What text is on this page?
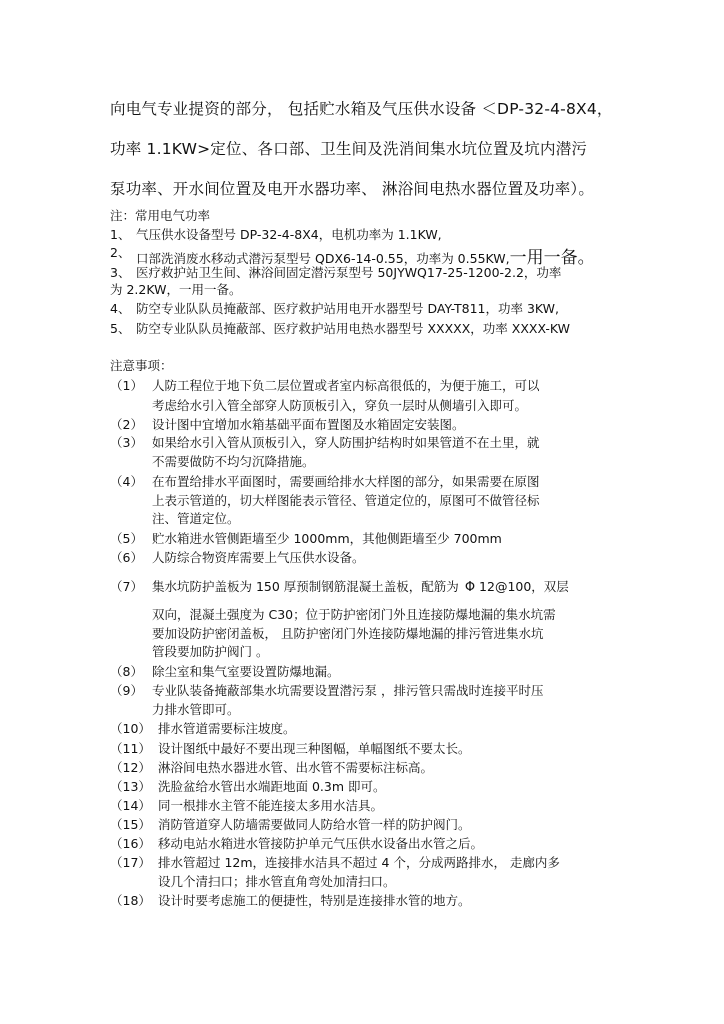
向电气专业提资的部分， 包括贮水箱及气压供水设备 ＜DP-32-4-8X4，
功率 1.1KW>定位、各口部、卫生间及洗消间集水坑位置及坑内潜污
泵功率、开水间位置及电开水器功率、 淋浴间电热水器位置及功率）。
注：常用电气功率
1、 气压供水设备型号 DP-32-4-8X4，电机功率为 1.1KW,
2、 口部洗消废水移动式潜污泵型号 QDX6-14-0.55，功率为 0.55KW,一用一备。
3、 医疗救护站卫生间、淋浴间固定潜污泵型号 50JYWQ17-25-1200-2.2，功率
为 2.2KW，一用一备。
4、 防空专业队队员掩蔽部、医疗救护站用电开水器型号 DAY-T811，功率 3KW,
5、 防空专业队队员掩蔽部、医疗救护站用电热水器型号 XXXXX，功率 XXXX-KW
注意事项：
（1） 人防工程位于地下负二层位置或者室内标高很低的，为便于施工，可以
考虑给水引入管全部穿人防顶板引入，穿负一层时从侧墙引入即可。
（2） 设计图中宜增加水箱基础平面布置图及水箱固定安装图。
（3） 如果给水引入管从顶板引入，穿人防围护结构时如果管道不在土里，就
不需要做防不均匀沉降措施。
（4） 在布置给排水平面图时，需要画给排水大样图的部分，如果需要在原图
上表示管道的，切大样图能表示管径、管道定位的，原图可不做管径标
注、管道定位。
（5） 贮水箱进水管侧距墙至少 1000mm，其他侧距墙至少 700mm
（6） 人防综合物资库需要上气压供水设备。
（7） 集水坑防护盖板为 150 厚预制钢筋混凝土盖板，配筋为 Φ 12@100，双层
双向，混凝土强度为 C30；位于防护密闭门外且连接防爆地漏的集水坑需
要加设防护密闭盖板， 且防护密闭门外连接防爆地漏的排污管进集水坑
管段要加防护阀门 。
（8） 除尘室和集气室要设置防爆地漏。
（9） 专业队装备掩蔽部集水坑需要设置潜污泵 ，排污管只需战时连接平时压
力排水管即可。
（10） 排水管道需要标注坡度。
（11） 设计图纸中最好不要出现三种图幅，单幅图纸不要太长。
（12） 淋浴间电热水器进水管、出水管不需要标注标高。
（13） 洗脸盆给水管出水端距地面 0.3m 即可。
（14） 同一根排水主管不能连接太多用水洁具。
（15） 消防管道穿人防墙需要做同人防给水管一样的防护阀门。
（16） 移动电站水箱进水管接防护单元气压供水设备出水管之后。
（17） 排水管超过 12m，连接排水洁具不超过 4 个，分成两路排水， 走廊内多
设几个清扫口；排水管直角弯处加清扫口。
（18） 设计时要考虑施工的便捷性，特别是连接排水管的地方。
